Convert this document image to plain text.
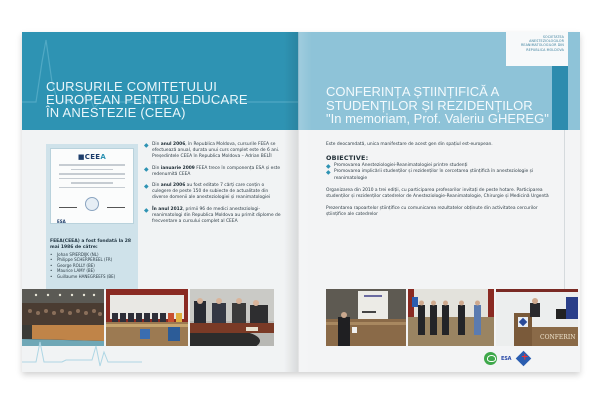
CURSURILE COMITETULUI
EUROPEAN PENTRU EDUCARE
ÎN ANESTEZIE (CEEA)
■CEEA
ESA
FEEA(CEEA) a fost fondată la 28 mai 1986 de către:
• Johan SPIERDIJK (NL)
• Philippe SCHERPEREEL (FR)
• George ROLLY (BE)
• Maurice LAMY (BE)
• Guillaume HANEGREEFS (BE)
◆ Din anul 2006, în Republica Moldova, cursurile FEEA se efectuează anual, durata unui curs complet este de 6 ani. Președintele CEEA în Republica Moldova – Adrian BELÎI
◆ Din ianuarie 2009 FEEA trece în componența ESA și este redenumită CEEA
◆ Din anul 2006 au fost editate 7 cărți care conțin o culegere de peste 150 de subiecte de actualitate din diverse domenii ale anesteziologiei și reanimatologiei
◆ În anul 2012, primii 96 de medici anesteziologi-reanimatologi din Republica Moldova au primit diplome de frecventare a cursului complet al CEEA
CONFERINȚA ȘTIINȚIFICĂ A
STUDENȚILOR ȘI REZIDENȚILOR
"In memoriam, Prof. Valeriu GHEREG"
SOCIETATEA
ANESTEZIOLOGILOR
REANIMATOLOGILOR DIN
REPUBLICA MOLDOVA

Este deocamdată, unica manifestare de acest gen din spațiul est-european.

OBIECTIVE:
◆ Promovarea Anesteziologiei-Reanimatologiei printre studenți
◆ Promovarea implicării studenților și rezidenților în cercetarea științifică în anesteziologie și reanimatologie

Organizarea din 2010 a trei ediții, cu participarea profesorilor invitați de peste hotare. Participarea studenților și rezidenților catedrelor de Anesteziologie-Reanimatologie, Chirurgie și Medicină Urgentă

Prezentarea rapoartelor științifice cu comunicarea rezultatelor obținute din activitatea cercurilor științifice ale catedrelor

CONFERIN
ESA
+
